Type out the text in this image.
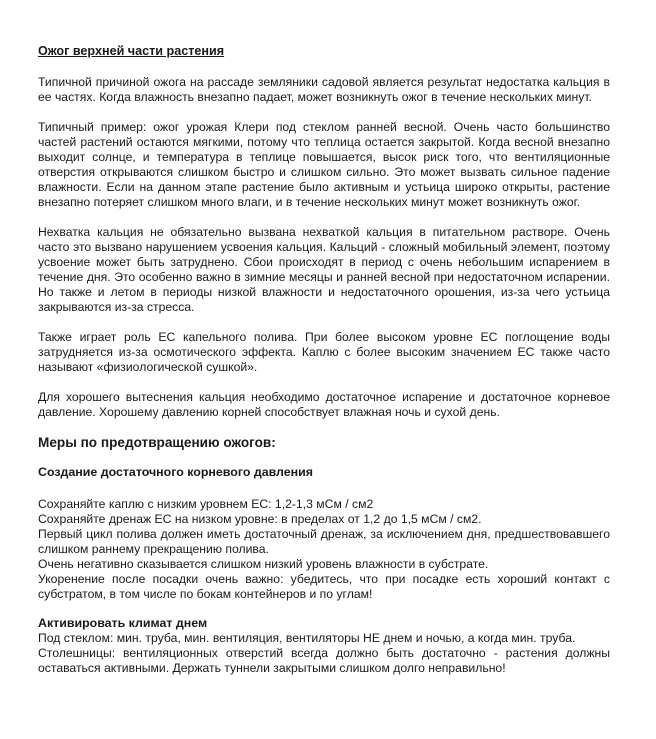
Ожог верхней части растения

Типичной причиной ожога на рассаде земляники садовой является результат недостатка кальция в ее частях. Когда влажность внезапно падает, может возникнуть ожог в течение нескольких минут.

Типичный пример: ожог урожая Клери под стеклом ранней весной. Очень часто большинство частей растений остаются мягкими, потому что теплица остается закрытой. Когда весной внезапно выходит солнце, и температура в теплице повышается, высок риск того, что вентиляционные отверстия открываются слишком быстро и слишком сильно. Это может вызвать сильное падение влажности. Если на данном этапе растение было активным и устьица широко открыты, растение внезапно потеряет слишком много влаги, и в течение нескольких минут может возникнуть ожог.

Нехватка кальция не обязательно вызвана нехваткой кальция в питательном растворе. Очень часто это вызвано нарушением усвоения кальция. Кальций - сложный мобильный элемент, поэтому усвоение может быть затруднено. Сбои происходят в период с очень небольшим испарением в течение дня. Это особенно важно в зимние месяцы и ранней весной при недостаточном испарении. Но также и летом в периоды низкой влажности и недостаточного орошения, из-за чего устьица закрываются из-за стресса.

Также играет роль EC капельного полива. При более высоком уровне EC поглощение воды затрудняется из-за осмотического эффекта. Каплю с более высоким значением EC также часто называют «физиологической сушкой».

Для хорошего вытеснения кальция необходимо достаточное испарение и достаточное корневое давление. Хорошему давлению корней способствует влажная ночь и сухой день.

Меры по предотвращению ожогов:
Создание достаточного корневого давления
Сохраняйте каплю с низким уровнем EC: 1,2-1,3 мСм / см2
Сохраняйте дренаж EC на низком уровне: в пределах от 1,2 до 1,5 мСм / см2.
Первый цикл полива должен иметь достаточный дренаж, за исключением дня, предшествовавшего слишком раннему прекращению полива.
Очень негативно сказывается слишком низкий уровень влажности в субстрате.
Укоренение после посадки очень важно: убедитесь, что при посадке есть хороший контакт с субстратом, в том числе по бокам контейнеров и по углам!
Активировать климат днем
Под стеклом: мин. труба, мин. вентиляция, вентиляторы НЕ днем и ночью, а когда мин. труба.
Столешницы: вентиляционных отверстий всегда должно быть достаточно - растения должны оставаться активными. Держать туннели закрытыми слишком долго неправильно!
